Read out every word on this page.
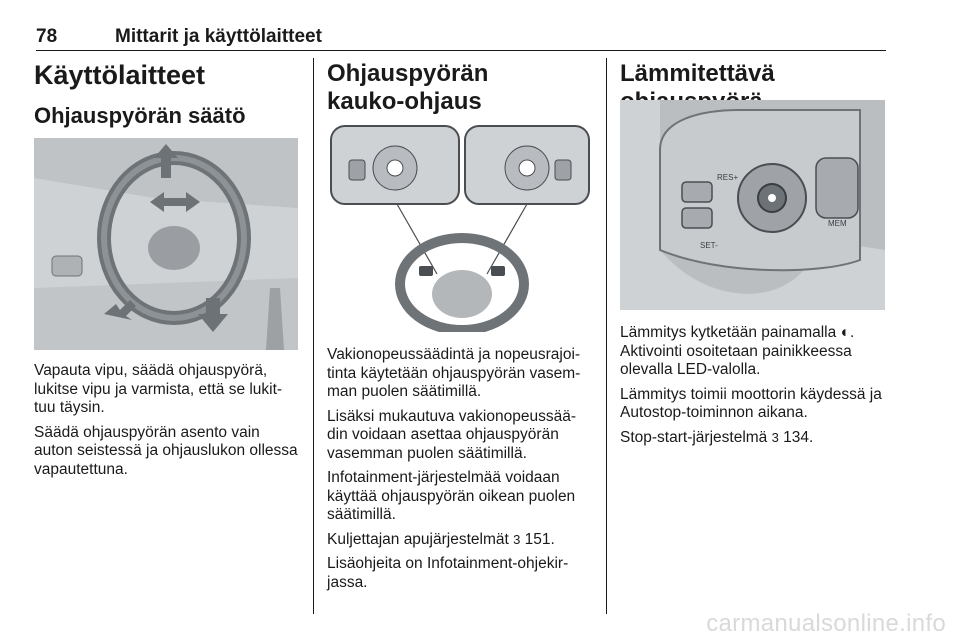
78	Mittarit ja käyttölaitteet

Käyttölaitteet

Ohjauspyörän säätö

Vapauta vipu, säädä ohjauspyörä, lukitse vipu ja varmista, että se lukit-tuu täysin.

Säädä ohjauspyörän asento vain auton seistessä ja ohjauslukon ollessa vapautettuna.

Ohjauspyörän

kauko-ohjaus

Vakionopeussäädintä ja nopeusrajoi-tinta käytetään ohjauspyörän vasem-man puolen säätimillä.

Lisäksi mukautuva vakionopeussää-din voidaan asettaa ohjauspyörän vasemman puolen säätimillä.

Infotainment-järjestelmää voidaan käyttää ohjauspyörän oikean puolen säätimillä.

Kuljettajan apujärjestelmät 3 151.

Lisäohjeita on Infotainment-ohjekir-jassa.

Lämmitettävä

RES+
SET-
MEM

Lämmitys kytketään painamalla ◐.

Aktivointi osoitetaan painikkeessa olevalla LED-valolla.

Lämmitys toimii moottorin käydessä ja Autostop-toiminnon aikana.

Stop-start-järjestelmä 3 134.

carmanualsonline.info
